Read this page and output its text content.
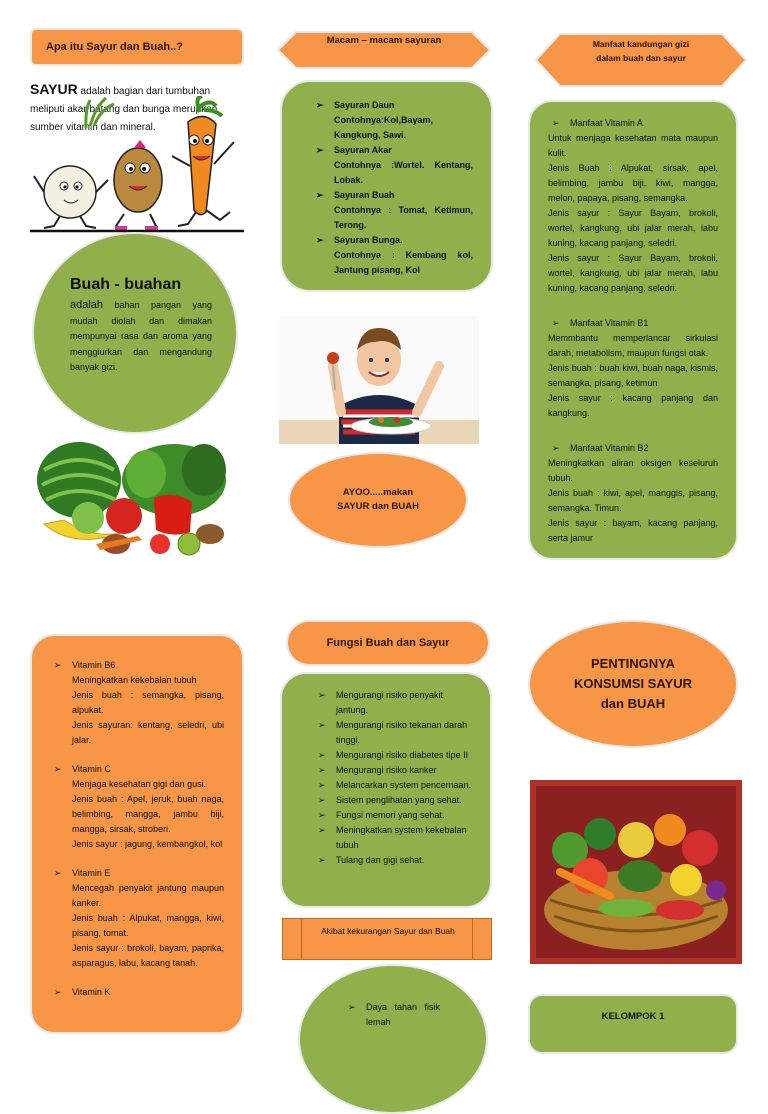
Apa itu Sayur dan Buah..?
SAYUR adalah bagian dari tumbuhan
meliputi akar batang dan bunga merupkan
sumber vitamin dan mineral.
Buah - buahan
adalah bahan pangan yang mudah diolah dan dimakan mempunyai rasa dan aroma yang menggiurkan dan mengandung banyak gizi.
Macam – macam sayuran
➢ Sayuran Daun
Contohnya:Kol,Bayam, Kangkung, Sawi.
➢ Sayuran Akar
Contohnya :Wortel. Kentang, Lobak.
➢ Sayuran Buah
Contohnya : Tomat, Ketimun, Terong.
➢ Sayuran Bunga.
Contohnya : Kembang kol, Jantung pisang, Kol
AYOO.....makan SAYUR dan BUAH
Manfaat kandungan gizi dalam buah dan sayur
➢ Manfaat Vitamin A
Untuk menjaga kesehatan mata maupun kulit.
Jenis Buah : Alpukat, sirsak, apel, belimbing, jambu biji, kiwi, mangga, melon, papaya, pisang, semangka.
Jenis sayur : Sayur Bayam, brokoli, wortel, kangkung, ubi jalar merah, labu kuning, kacang panjang, seledri.
Jenis sayur : Sayur Bayam, brokoli, wortel, kangkung, ubi jalar merah, labu kuning, kacang panjang, seledri.
➢ Manfaat Vitamin B1
Memmbantu memperlancar sirkulasi darah, metabolism, maupun fungsi otak.
Jenis buah : buah kiwi, buah naga, kismis, semangka, pisang, ketimun
Jenis sayur : kacang panjang dan kangkung.
➢ Manfaat Vitamin B2
Meningkatkan aliran oksigen keseluruh tubuh.
Jenis buah : kiwi, apel, manggis, pisang, semangka. Timun.
Jenis sayur : bayam, kacang panjang, serta jamur
➢ Vitamin B6
Meningkatkan kekebalan tubuh
Jenis buah : semangka, pisang, alpukat.
Jenis sayuran: kentang, seledri, ubi jalar.
➢ Vitamin C
Menjaga kesehatan gigi dan gusi.
Jenis buah : Apel, jeruk, buah naga, belimbing, mangga, jambu biji, mangga, sirsak, stroberi.
Jenis sayur : jagung, kembangkol, kol
➢ Vitamin E
Mencegah penyakit jantung maupun kanker.
Jenis buah : Alpukat, mangga, kiwi, pisang, tomat.
Jenis sayur : brokoli, bayam, paprika, asparagus, labu, kacang tanah.
➢ Vitamin K
Fungsi Buah dan Sayur
➢ Mengurangi risiko penyakit jantung.
➢ Mengurangi risiko tekanan darah tinggi.
➢ Mengurangi risiko diabetes tipe II
➢ Mengurangi risiko kanker
➢ Melancarkan system pencernaan.
➢ Sistem penglihatan yang sehat.
➢ Fungsi memori yang sehat.
➢ Meningkatkan system kekebalan tubuh
➢ Tulang dan gigi sehat.
Akibat kekurangan Sayur dan Buah
➢ Daya tahan fisik lemah
PENTINGNYA KONSUMSI SAYUR dan BUAH
KELOMPOK 1
